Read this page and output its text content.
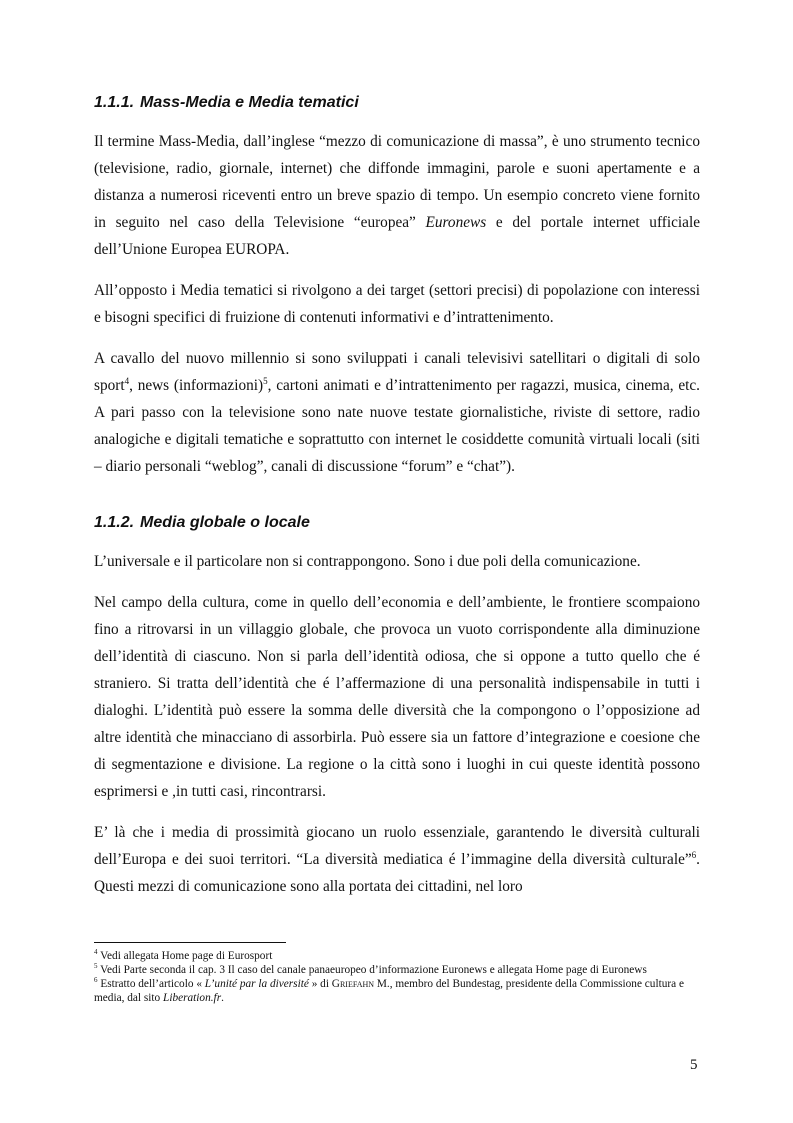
1.1.1. Mass-Media e Media tematici

Il termine Mass-Media, dall’inglese “mezzo di comunicazione di massa”, è uno strumento tecnico (televisione, radio, giornale, internet) che diffonde immagini, parole e suoni apertamente e a distanza a numerosi riceventi entro un breve spazio di tempo. Un esempio concreto viene fornito in seguito nel caso della Televisione “europea” Euronews e del portale internet ufficiale dell’Unione Europea EUROPA.

All’opposto i Media tematici si rivolgono a dei target (settori precisi) di popolazione con interessi e bisogni specifici di fruizione di contenuti informativi e d’intrattenimento.

A cavallo del nuovo millennio si sono sviluppati i canali televisivi satellitari o digitali di solo sport$^4$, news (informazioni)$^5$, cartoni animati e d’intrattenimento per ragazzi, musica, cinema, etc. A pari passo con la televisione sono nate nuove testate giornalistiche, riviste di settore, radio analogiche e digitali tematiche e soprattutto con internet le cosiddette comunità virtuali locali (siti – diario personali “weblog”, canali di discussione “forum” e “chat”).

1.1.2. Media globale o locale

L’universale e il particolare non si contrappongono. Sono i due poli della comunicazione.

Nel campo della cultura, come in quello dell’economia e dell’ambiente, le frontiere scompaiono fino a ritrovarsi in un villaggio globale, che provoca un vuoto corrispondente alla diminuzione dell’identità di ciascuno. Non si parla dell’identità odiosa, che si oppone a tutto quello che é straniero. Si tratta dell’identità che é l’affermazione di una personalità indispensabile in tutti i dialoghi. L’identità può essere la somma delle diversità che la compongono o l’opposizione ad altre identità che minacciano di assorbirla. Può essere sia un fattore d’integrazione e coesione che di segmentazione e divisione. La regione o la città sono i luoghi in cui queste identità possono esprimersi e ,in tutti casi, rincontrarsi.

E’ là che i media di prossimità giocano un ruolo essenziale, garantendo le diversità culturali dell’Europa e dei suoi territori. “La diversità mediatica é l’immagine della diversità culturale”$^6$. Questi mezzi di comunicazione sono alla portata dei cittadini, nel loro

$^4$ Vedi allegata Home page di Eurosport

$^5$ Vedi Parte seconda il cap. 3 Il caso del canale panaeuropeo d’informazione Euronews e allegata Home page di Euronews

$^6$ Estratto dell’articolo « L’unité par la diversité » di Griefahn M., membro del Bundestag, presidente della Commissione cultura e media, dal sito Liberation.fr.

5
